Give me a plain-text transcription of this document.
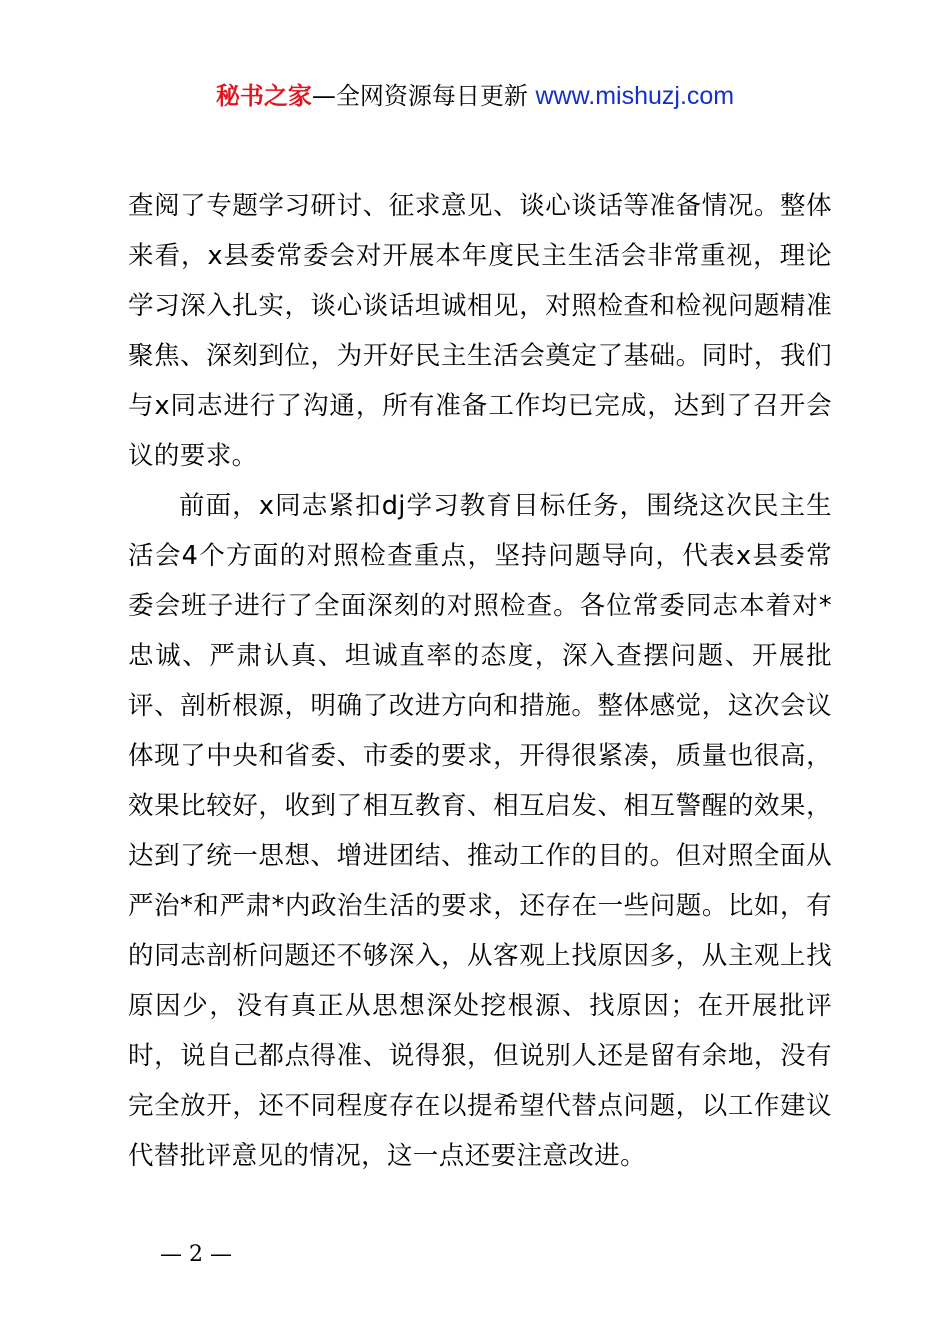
秘书之家—全网资源每日更新 www.mishuzj.com

查阅了专题学习研讨、征求意见、谈心谈话等准备情况。整体来看，x县委常委会对开展本年度民主生活会非常重视，理论学习深入扎实，谈心谈话坦诚相见，对照检查和检视问题精准聚焦、深刻到位，为开好民主生活会奠定了基础。同时，我们与x同志进行了沟通，所有准备工作均已完成，达到了召开会议的要求。

前面，x同志紧扣dj学习教育目标任务，围绕这次民主生活会4个方面的对照检查重点，坚持问题导向，代表x县委常委会班子进行了全面深刻的对照检查。各位常委同志本着对*忠诚、严肃认真、坦诚直率的态度，深入查摆问题、开展批评、剖析根源，明确了改进方向和措施。整体感觉，这次会议体现了中央和省委、市委的要求，开得很紧凑，质量也很高，效果比较好，收到了相互教育、相互启发、相互警醒的效果，达到了统一思想、增进团结、推动工作的目的。但对照全面从严治*和严肃*内政治生活的要求，还存在一些问题。比如，有的同志剖析问题还不够深入，从客观上找原因多，从主观上找原因少，没有真正从思想深处挖根源、找原因；在开展批评时，说自己都点得准、说得狠，但说别人还是留有余地，没有完全放开，还不同程度存在以提希望代替点问题，以工作建议代替批评意见的情况，这一点还要注意改进。

— 2 —
